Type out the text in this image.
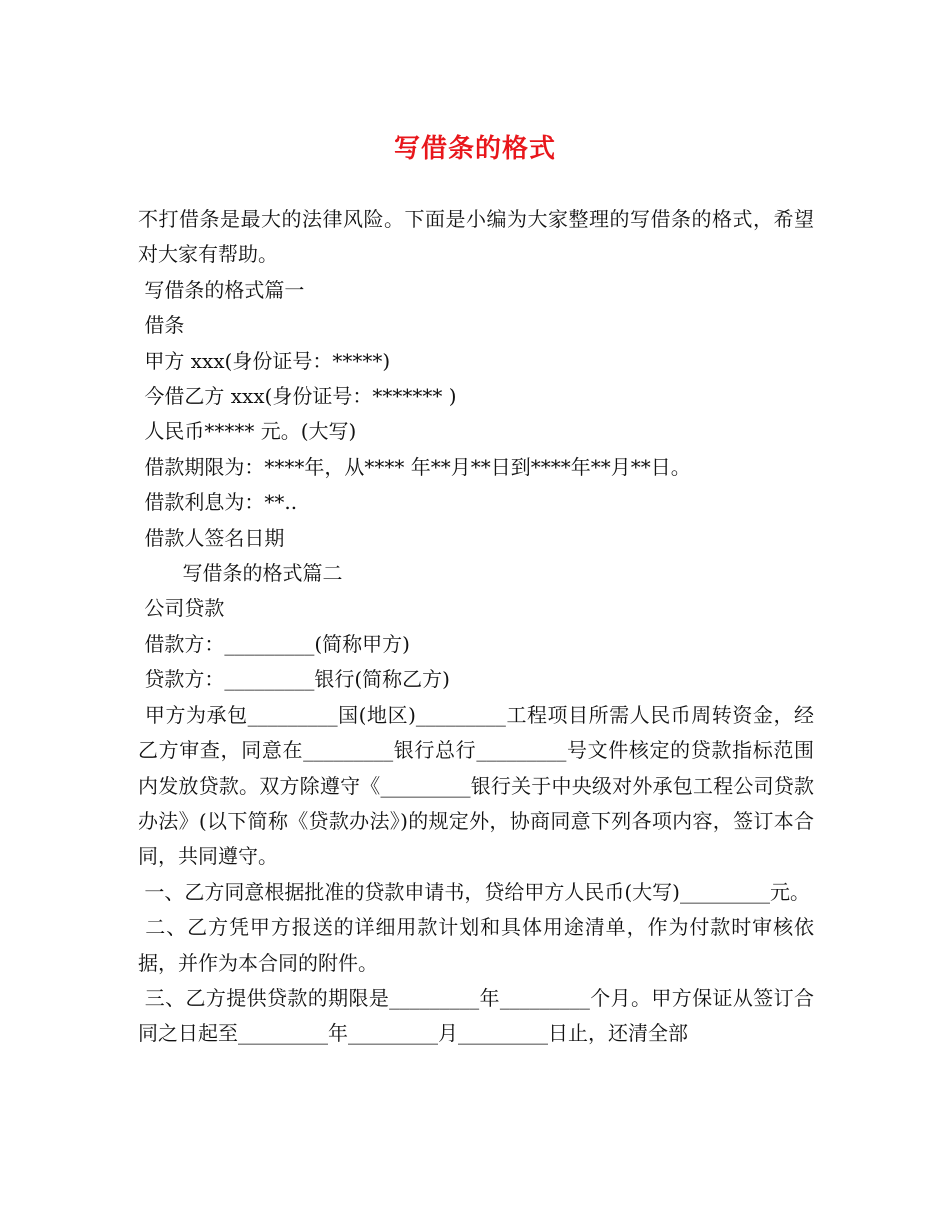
写借条的格式

不打借条是最大的法律风险。下面是小编为大家整理的写借条的格式，希望对大家有帮助。

写借条的格式篇一

借条

甲方 xxx(身份证号：*****)

今借乙方 xxx(身份证号：******* )

人民币***** 元。(大写)

借款期限为：****年，从**** 年**月**日到****年**月**日。

借款利息为：**..

借款人签名日期

写借条的格式篇二

公司贷款

借款方：_________(简称甲方)

贷款方：_________银行(简称乙方)

甲方为承包_________国(地区)_________工程项目所需人民币周转资金，经乙方审查，同意在_________银行总行_________号文件核定的贷款指标范围内发放贷款。双方除遵守《_________银行关于中央级对外承包工程公司贷款办法》(以下简称《贷款办法》)的规定外，协商同意下列各项内容，签订本合同，共同遵守。

一、乙方同意根据批准的贷款申请书，贷给甲方人民币(大写)_________元。

二、乙方凭甲方报送的详细用款计划和具体用途清单，作为付款时审核依据，并作为本合同的附件。

三、乙方提供贷款的期限是_________年_________个月。甲方保证从签订合同之日起至_________年_________月_________日止，还清全部
